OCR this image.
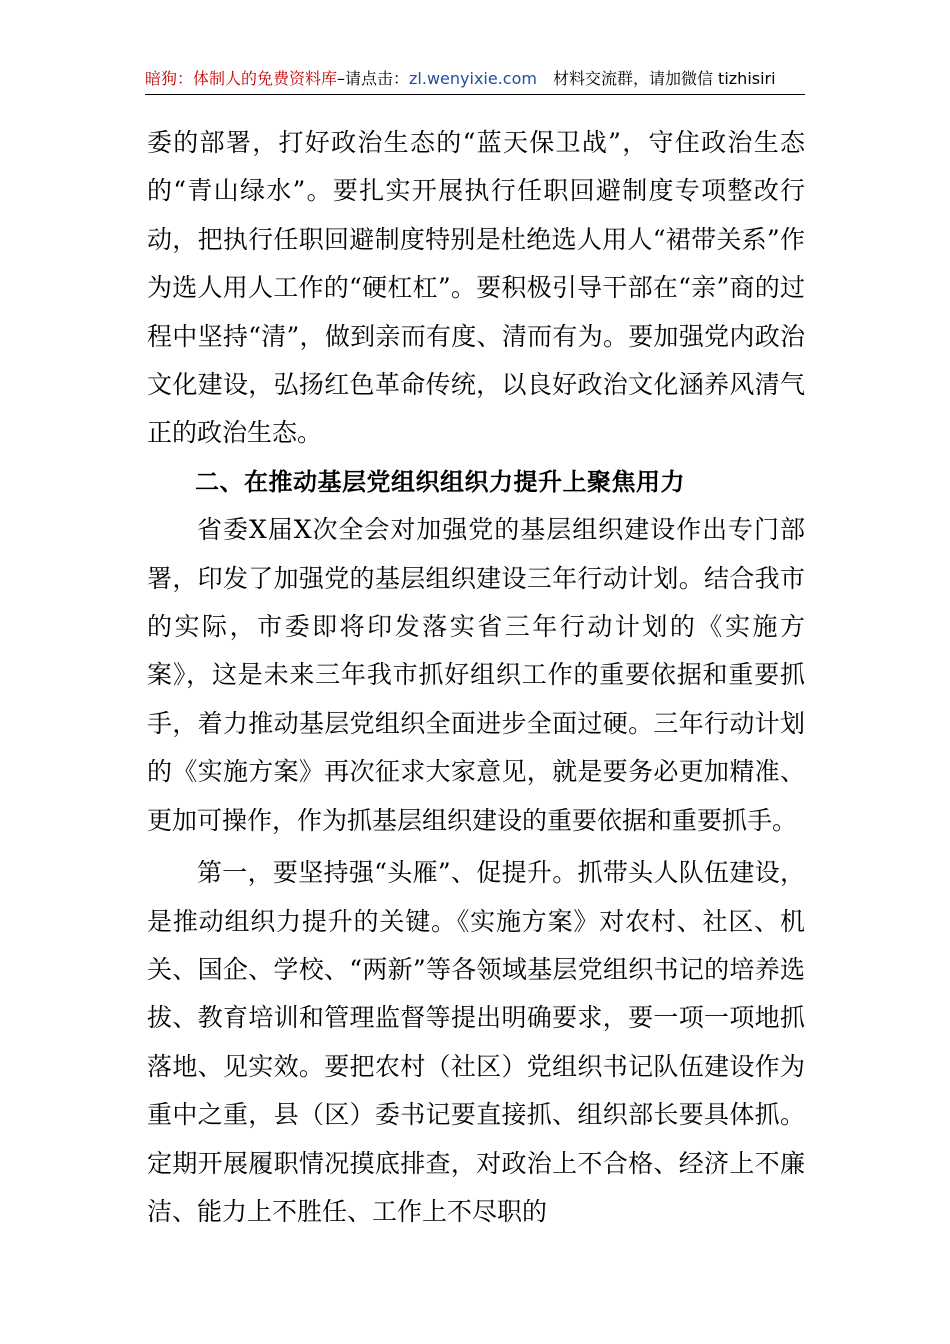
暗狗：体制人的免费资料库–请点击：zl.wenyixie.com 材料交流群，请加微信 tizhisiri

委的部署，打好政治生态的“蓝天保卫战”，守住政治生态的“青山绿水”。要扎实开展执行任职回避制度专项整改行动，把执行任职回避制度特别是杜绝选人用人“裙带关系”作为选人用人工作的“硬杠杠”。要积极引导干部在“亲”商的过程中坚持“清”，做到亲而有度、清而有为。要加强党内政治文化建设，弘扬红色革命传统，以良好政治文化涵养风清气正的政治生态。

二、在推动基层党组织组织力提升上聚焦用力

省委X届X次全会对加强党的基层组织建设作出专门部署，印发了加强党的基层组织建设三年行动计划。结合我市的实际，市委即将印发落实省三年行动计划的《实施方案》，这是未来三年我市抓好组织工作的重要依据和重要抓手，着力推动基层党组织全面进步全面过硬。三年行动计划的《实施方案》再次征求大家意见，就是要务必更加精准、更加可操作，作为抓基层组织建设的重要依据和重要抓手。

第一，要坚持强“头雁”、促提升。抓带头人队伍建设，是推动组织力提升的关键。《实施方案》对农村、社区、机关、国企、学校、“两新”等各领域基层党组织书记的培养选拔、教育培训和管理监督等提出明确要求，要一项一项地抓落地、见实效。要把农村（社区）党组织书记队伍建设作为重中之重，县（区）委书记要直接抓、组织部长要具体抓。定期开展履职情况摸底排查，对政治上不合格、经济上不廉洁、能力上不胜任、工作上不尽职的
